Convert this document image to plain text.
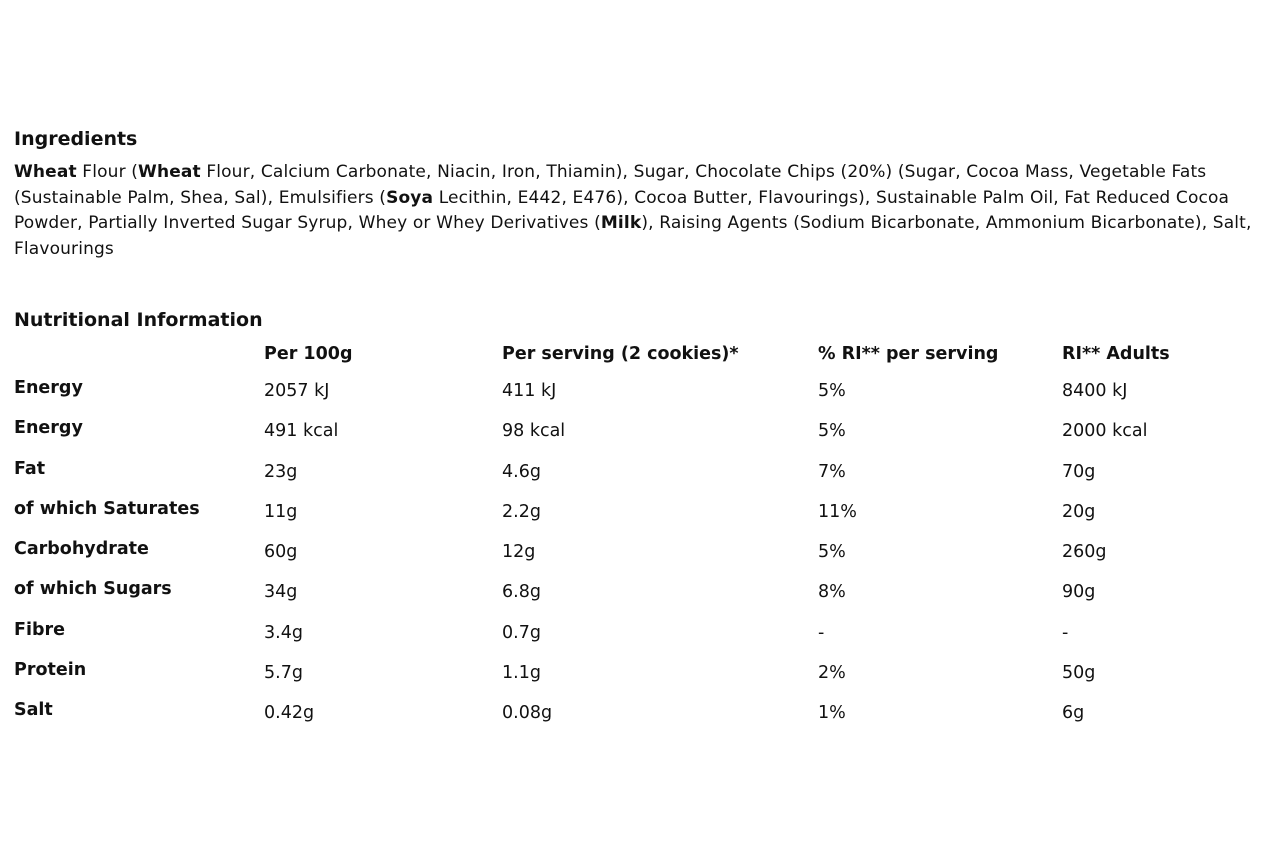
Ingredients

Wheat Flour (Wheat Flour, Calcium Carbonate, Niacin, Iron, Thiamin), Sugar, Chocolate Chips (20%) (Sugar, Cocoa Mass, Vegetable Fats (Sustainable Palm, Shea, Sal), Emulsifiers (Soya Lecithin, E442, E476), Cocoa Butter, Flavourings), Sustainable Palm Oil, Fat Reduced Cocoa Powder, Partially Inverted Sugar Syrup, Whey or Whey Derivatives (Milk), Raising Agents (Sodium Bicarbonate, Ammonium Bicarbonate), Salt, Flavourings

Nutritional Information
	Per 100g	Per serving (2 cookies)*	% RI** per serving	RI** Adults
Energy	2057 kJ	411 kJ	5%	8400 kJ
Energy	491 kcal	98 kcal	5%	2000 kcal
Fat	23g	4.6g	7%	70g
of which Saturates	11g	2.2g	11%	20g
Carbohydrate	60g	12g	5%	260g
of which Sugars	34g	6.8g	8%	90g
Fibre	3.4g	0.7g	-	-
Protein	5.7g	1.1g	2%	50g
Salt	0.42g	0.08g	1%	6g
